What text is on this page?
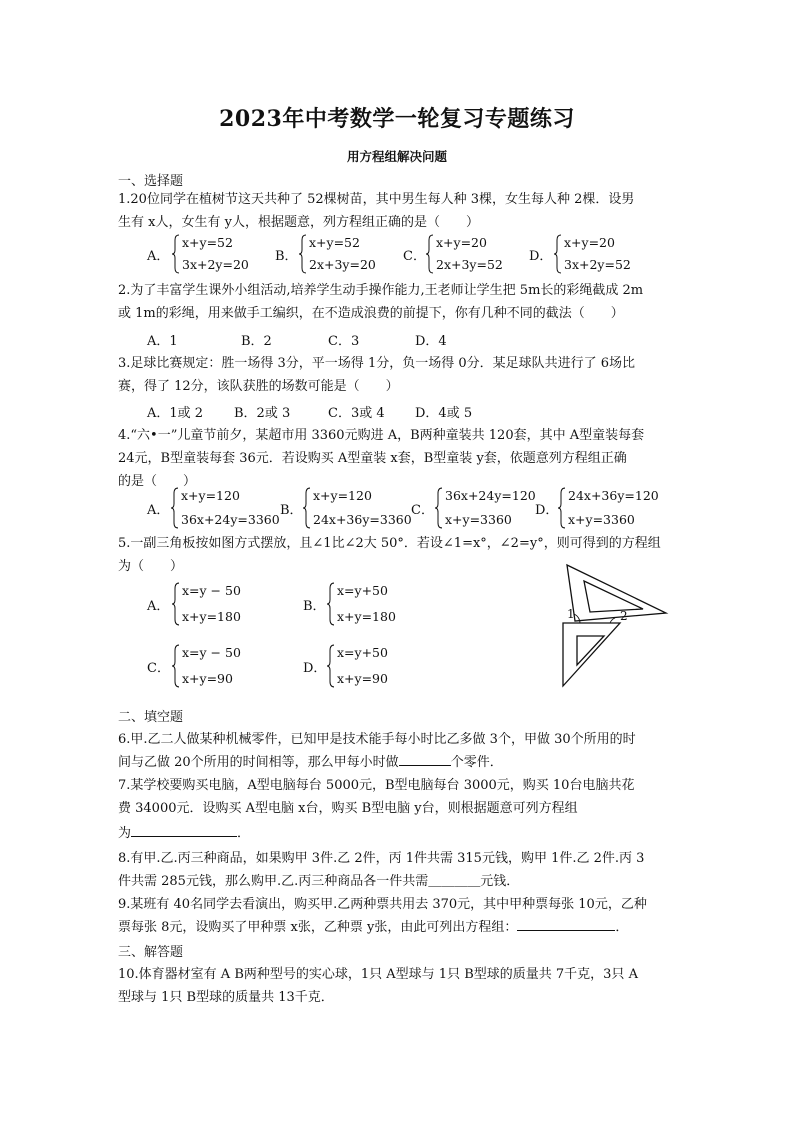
2023年中考数学一轮复习专题练习
用方程组解决问题
一、选择题
1.20位同学在植树节这天共种了 52棵树苗，其中男生每人种 3棵，女生每人种 2棵．设男
生有 x人，女生有 y人，根据题意，列方程组正确的是（　　）
A．
x+y=52
3x+2y=20
B．
x+y=52
2x+3y=20
C．
x+y=20
2x+3y=52
D．
x+y=20
3x+2y=52
2.为了丰富学生课外小组活动,培养学生动手操作能力,王老师让学生把 5m长的彩绳截成 2m
或 1m的彩绳，用来做手工编织，在不造成浪费的前提下，你有几种不同的截法（　　）
A．1	B．2	C．3	D．4
3.足球比赛规定：胜一场得 3分，平一场得 1分，负一场得 0分．某足球队共进行了 6场比
赛，得了 12分，该队获胜的场数可能是（　　）
A．1或 2 B．2或 3	C．3或 4 D．4或 5
4.“六•一”儿童节前夕，某超市用 3360元购进 A，B两种童装共 120套，其中 A型童装每套
24元，B型童装每套 36元．若设购买 A型童装 x套，B型童装 y套，依题意列方程组正确
的是（　　）
A．
x+y=120
36x+24y=3360
B．
x+y=120
24x+36y=3360
C．
36x+24y=120
x+y=3360
D．
24x+36y=120
x+y=3360
5.一副三角板按如图方式摆放，且∠1比∠2大 50°．若设∠1=x°，∠2=y°，则可得到的方程组
为（　　）
A．
x=y − 50
x+y=180
B．
x=y+50
x+y=180
C．
x=y − 50
x+y=90
D．
x=y+50
x+y=90
1	2
二、填空题
6.甲.乙二人做某种机械零件，已知甲是技术能手每小时比乙多做 3个，甲做 30个所用的时
间与乙做 20个所用的时间相等，那么甲每小时做	个零件．
7.某学校要购买电脑，A型电脑每台 5000元，B型电脑每台 3000元，购买 10台电脑共花
费 34000元．设购买 A型电脑 x台，购买 B型电脑 y台，则根据题意可列方程组
为	．
8.有甲.乙.丙三种商品，如果购甲 3件.乙 2件，丙 1件共需 315元钱，购甲 1件.乙 2件.丙 3
件共需 285元钱，那么购甲.乙.丙三种商品各一件共需＿＿＿＿元钱．
9.某班有 40名同学去看演出，购买甲.乙两种票共用去 370元，其中甲种票每张 10元，乙种
票每张 8元，设购买了甲种票 x张，乙种票 y张，由此可列出方程组：	．
三、解答题
10.体育器材室有 A B两种型号的实心球，1只 A型球与 1只 B型球的质量共 7千克，3只 A
型球与 1只 B型球的质量共 13千克．
